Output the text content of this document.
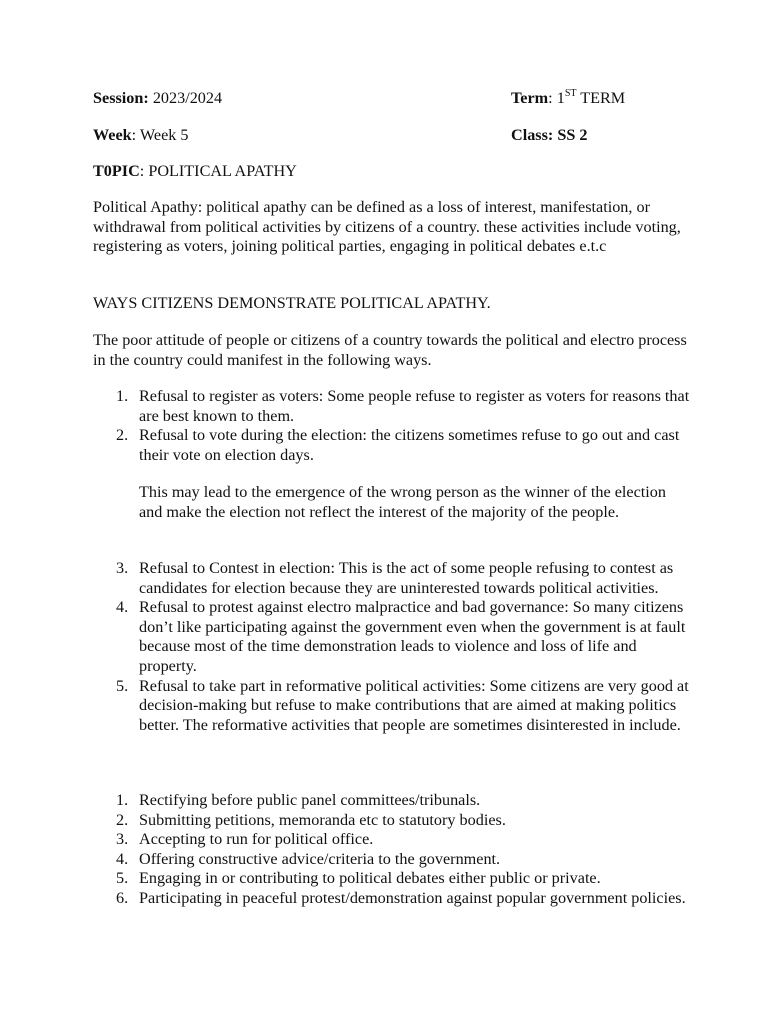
Session: 2023/2024	Term: 1ST TERM
Week: Week 5	Class: SS 2
T0PIC: POLITICAL APATHY

Political Apathy: political apathy can be defined as a loss of interest, manifestation, or withdrawal from political activities by citizens of a country. these activities include voting, registering as voters, joining political parties, engaging in political debates e.t.c

WAYS CITIZENS DEMONSTRATE POLITICAL APATHY.

The poor attitude of people or citizens of a country towards the political and electro process in the country could manifest in the following ways.

1. Refusal to register as voters: Some people refuse to register as voters for reasons that are best known to them.
2. Refusal to vote during the election: the citizens sometimes refuse to go out and cast their vote on election days.

This may lead to the emergence of the wrong person as the winner of the election and make the election not reflect the interest of the majority of the people.

3. Refusal to Contest in election: This is the act of some people refusing to contest as candidates for election because they are uninterested towards political activities.
4. Refusal to protest against electro malpractice and bad governance: So many citizens don’t like participating against the government even when the government is at fault because most of the time demonstration leads to violence and loss of life and property.
5. Refusal to take part in reformative political activities: Some citizens are very good at decision-making but refuse to make contributions that are aimed at making politics better. The reformative activities that people are sometimes disinterested in include.
1. Rectifying before public panel committees/tribunals.
2. Submitting petitions, memoranda etc to statutory bodies.
3. Accepting to run for political office.
4. Offering constructive advice/criteria to the government.
5. Engaging in or contributing to political debates either public or private.
6. Participating in peaceful protest/demonstration against popular government policies.
